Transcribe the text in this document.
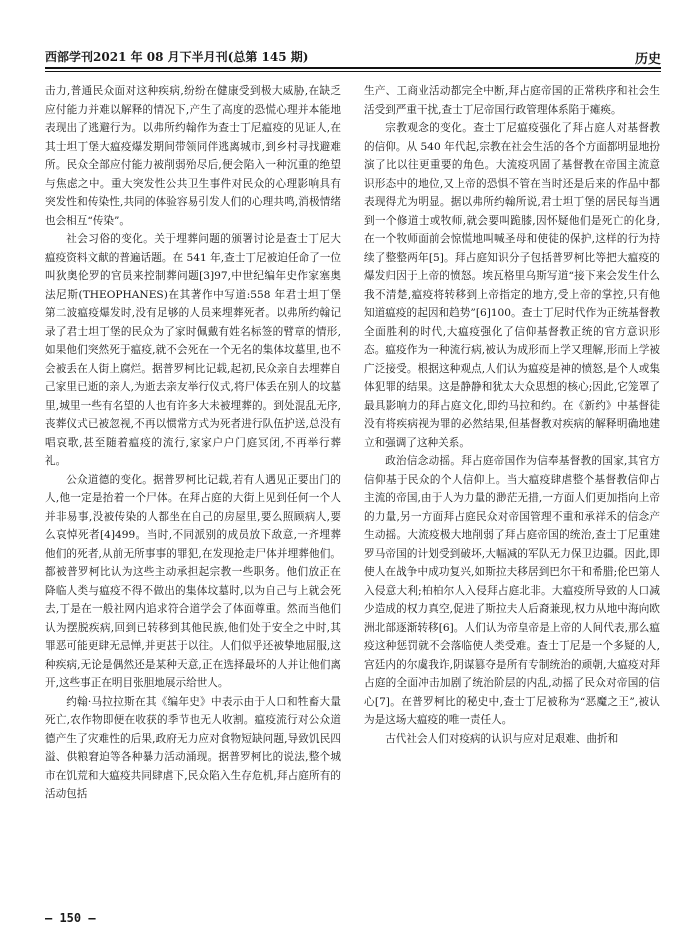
西部学刊2021 年 08 月下半月刊(总第 145 期)	历史

击力,普通民众面对这种疾病,纷纷在健康受到极大威胁,在缺乏应付能力并难以解释的情况下,产生了高度的恐慌心理并本能地表现出了逃避行为。以弗所约翰作为查士丁尼瘟疫的见证人,在其士坦丁堡大瘟疫爆发期间带领同伴逃离城市,到乡村寻找避难所。民众全部应付能力被削弱殆尽后,便会陷入一种沉重的绝望与焦虑之中。重大突发性公共卫生事件对民众的心理影响具有突发性和传染性,共同的体验容易引发人们的心理共鸣,消极情绪也会相互“传染”。

社会习俗的变化。关于埋葬问题的颁署讨论是查士丁尼大瘟疫资料文献的普遍话题。在 541 年,查士丁尼被迫任命了一位叫狄奥伦罗的官员来控制葬问题[3]97,中世纪编年史作家塞奥法尼斯(THEOPHANES)在其著作中写道:558 年君士坦丁堡第二波瘟疫爆发时,没有足够的人员来埋葬死者。以弗所约翰记录了君士坦丁堡的民众为了家时佩戴有姓名标签的臂章的情形,如果他们突然死于瘟疫,就不会死在一个无名的集体坟墓里,也不会被丢在人街上腐烂。据普罗柯比记载,起初,民众亲自去埋葬自己家里已逝的亲人,为逝去亲友举行仪式,将尸体丢在别人的坟墓里,城里一些有名望的人也有许多大未被埋葬的。到处混乱无序,丧葬仪式已被忽视,不再以惯常方式为死者进行队伍护送,总没有唱哀歌,甚至随着瘟疫的流行,家家户户门庭冥闭,不再举行葬礼。

公众道德的变化。据普罗柯比记载,若有人遇见正要出门的人,他一定是抬着一个尸体。在拜占庭的大街上见到任何一个人并非易事,没被传染的人都坐在自己的房屋里,要么照顾病人,要么哀悼死者[4]499。当时,不同派别的成员放下敌意,一齐埋葬他们的死者,从前无所事事的罪犯,在发现抢走尸体并埋葬他们。都被普罗柯比认为这些主动承担起宗教一些职务。他们放正在降临人类与瘟疫不得不做出的集体坟墓时,以为自己与上就会死去,丁是在一般社网内追求符合道学会了体面尊重。然而当他们认为摆脱疾病,回到已转移到其他民族,他们处于安全之中时,其罪恶可能更肆无忌惮,并更甚于以往。人们似乎还被挚地屈服,这种疾病,无论是偶然还是某种天意,正在选择最坏的人并让他们离开,这些事正在明目张胆地展示给世人。

约翰·马拉拉斯在其《编年史》中表示由于人口和牲畜大量死亡,农作物即便在收获的季节也无人收割。瘟疫流行对公众道德产生了灾难性的后果,政府无力应对食物短缺问题,导致饥民四溢、供粮窘迫等各种暴力活动涌现。据普罗柯比的说法,整个城市在饥荒和大瘟疫共同肆虐下,民众陷入生存危机,拜占庭所有的活动包括

生产、工商业活动都完全中断,拜占庭帝国的正常秩序和社会生活受到严重干扰,查士丁尼帝国行政管理体系陷于瘫痪。

宗教观念的变化。查士丁尼瘟疫强化了拜占庭人对基督教的信仰。从 540 年代起,宗教在社会生活的各个方面都明显地扮演了比以往更重要的角色。大流疫巩固了基督教在帝国主流意识形态中的地位,又上帝的恐惧不管在当时还是后来的作品中都表现得尤为明显。据以弗所约翰所说,君士坦丁堡的居民每当遇到一个修道士或牧师,就会要叫跪膝,因怀疑他们是死亡的化身,在一个牧师面前会惊慌地叫喊圣母和使徒的保护,这样的行为持续了整整两年[5]。拜占庭知识分子包括普罗柯比等把大瘟疫的爆发归因于上帝的愤怒。埃瓦格里乌斯写道“接下来会发生什么我不清楚,瘟疫将转移到上帝指定的地方,受上帝的掌控,只有他知道瘟疫的起因和趋势”[6]100。查士丁尼时代作为正统基督教全面胜利的时代,大瘟疫强化了信仰基督教正统的官方意识形态。瘟疫作为一种流行病,被认为成形而上学又理解,形而上学被广泛接受。根据这种观点,人们认为瘟疫是神的愤怒,是个人或集体犯罪的结果。这是静静和犹太大众思想的核心;因此,它笼罩了最具影响力的拜占庭文化,即约马拉和约。在《新约》中基督徒没有将疾病视为罪的必然结果,但基督教对疾病的解释明确地建立和强调了这种关系。

政治信念动摇。拜占庭帝国作为信奉基督教的国家,其官方信仰基于民众的个人信仰上。当大瘟疫肆虐整个基督教信仰占主流的帝国,由于人为力量的渺茫无措,一方面人们更加指向上帝的力量,另一方面拜占庭民众对帝国管理不重和承祥禾的信念产生动摇。大流疫极大地削弱了拜占庭帝国的统治,查士丁尼重建罗马帝国的计划受到破坏,大幅减的军队无力保卫边疆。因此,即使人在战争中成功复兴,如斯拉夫移居到巴尔干和希腊;伦巴第人入侵意大利;柏柏尔人入侵拜占庭北非。大瘟疫所导致的人口减少造成的权力真空,促进了斯拉夫人后裔兼现,权力从地中海向欧洲北部逐渐转移[6]。人们认为帝皇帝是上帝的人间代表,那么瘟疫这种惩罚就不会落临使人类受难。查士丁尼是一个多疑的人,宫廷内的尔虞我诈,阴谋篡夺是所有专制统治的顽朝,大瘟疫对拜占庭的全面冲击加剧了统治阶层的内乱,动摇了民众对帝国的信心[7]。在普罗柯比的秘史中,查士丁尼被称为“恶魔之王”,被认为是这场大瘟疫的唯一责任人。

古代社会人们对疫病的认识与应对足艰难、曲折和

— 150 —
